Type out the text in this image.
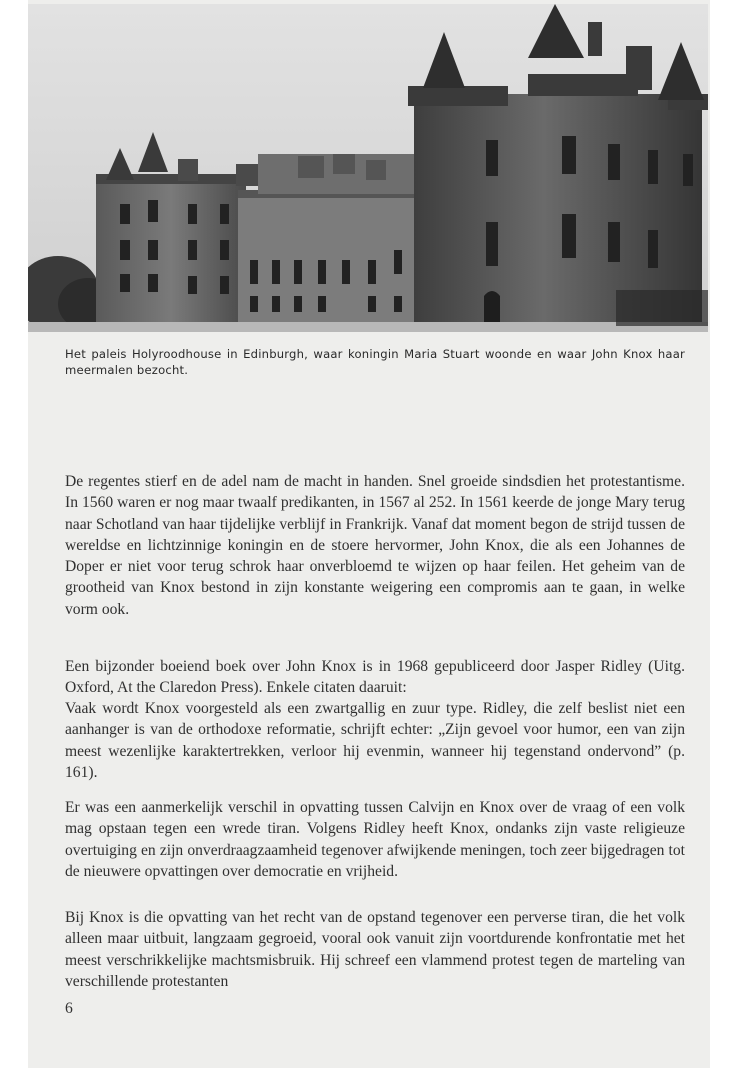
Het paleis Holyroodhouse in Edinburgh, waar koningin Maria Stuart woonde en waar John Knox haar meermalen bezocht.

De regentes stierf en de adel nam de macht in handen. Snel groeide sindsdien het protestantisme. In 1560 waren er nog maar twaalf predikanten, in 1567 al 252. In 1561 keerde de jonge Mary terug naar Schotland van haar tijdelijke verblijf in Frankrijk. Vanaf dat moment begon de strijd tussen de wereldse en lichtzinnige koningin en de stoere hervormer, John Knox, die als een Johannes de Doper er niet voor terug schrok haar onverbloemd te wijzen op haar feilen. Het geheim van de grootheid van Knox bestond in zijn konstante weigering een compromis aan te gaan, in welke vorm ook.

Een bijzonder boeiend boek over John Knox is in 1968 gepubliceerd door Jasper Ridley (Uitg. Oxford, At the Claredon Press). Enkele citaten daaruit:

Vaak wordt Knox voorgesteld als een zwartgallig en zuur type. Ridley, die zelf beslist niet een aanhanger is van de orthodoxe reformatie, schrijft echter: „Zijn gevoel voor humor, een van zijn meest wezenlijke karaktertrekken, verloor hij evenmin, wanneer hij tegenstand ondervond” (p. 161).

Er was een aanmerkelijk verschil in opvatting tussen Calvijn en Knox over de vraag of een volk mag opstaan tegen een wrede tiran. Volgens Ridley heeft Knox, ondanks zijn vaste religieuze overtuiging en zijn onverdraagzaamheid tegenover afwijkende meningen, toch zeer bijgedragen tot de nieuwere opvattingen over democratie en vrijheid.

Bij Knox is die opvatting van het recht van de opstand tegenover een perverse tiran, die het volk alleen maar uitbuit, langzaam gegroeid, vooral ook vanuit zijn voortdurende konfrontatie met het meest verschrikkelijke machtsmisbruik. Hij schreef een vlammend protest tegen de marteling van verschillende protestanten

6
